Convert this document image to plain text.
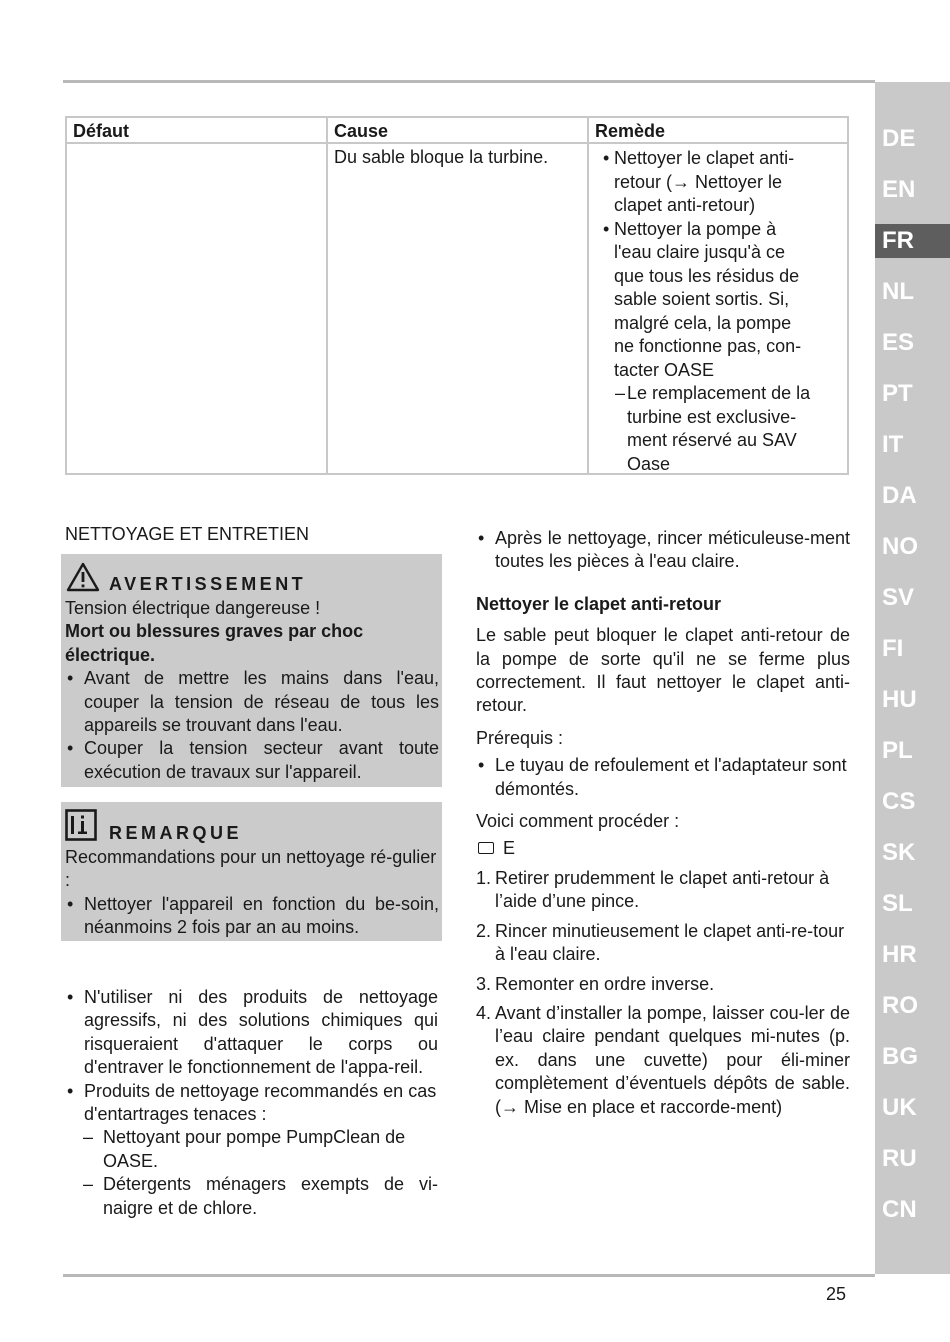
DE
EN
FR
NL
ES
PT
IT
DA
NO
SV
FI
HU
PL
CS
SK
SL
HR
RO
BG
UK
RU
CN
Défaut	Cause	Remède
Du sable bloque la turbine.
•	Nettoyer le clapet anti-
retour (→ Nettoyer le
clapet anti-retour)
• Nettoyer la pompe à
l'eau claire jusqu'à ce
que tous les résidus de
sable soient sortis. Si,
malgré cela, la pompe
ne fonctionne pas, con-
tacter OASE
– Le remplacement de la
turbine est exclusive-
ment réservé au SAV
Oase
NETTOYAGE ET ENTRETIEN
AVERTISSEMENT
Tension électrique dangereuse !
Mort ou blessures graves par choc électrique.
• Avant de mettre les mains dans l'eau, couper la tension de réseau de tous les appareils se trouvant dans l'eau.
• Couper la tension secteur avant toute exécution de travaux sur l'appareil.
REMARQUE
Recommandations pour un nettoyage ré-gulier :
• Nettoyer l'appareil en fonction du be-soin, néanmoins 2 fois par an au moins.
• N'utiliser ni des produits de nettoyage agressifs, ni des solutions chimiques qui risqueraient d'attaquer le corps ou d'entraver le fonctionnement de l'appa-reil.
• Produits de nettoyage recommandés en cas d'entartrages tenaces :
– Nettoyant pour pompe PumpClean de OASE.
– Détergents ménagers exempts de vi-naigre et de chlore.
• Après le nettoyage, rincer méticuleuse-ment toutes les pièces à l'eau claire.
Nettoyer le clapet anti-retour
Le sable peut bloquer le clapet anti-retour de la pompe de sorte qu'il ne se ferme plus correctement. Il faut nettoyer le clapet anti-retour.
Prérequis :
• Le tuyau de refoulement et l'adaptateur sont démontés.
Voici comment procéder :
E
1. Retirer prudemment le clapet anti-retour à l’aide d’une pince.
2. Rincer minutieusement le clapet anti-re-tour à l'eau claire.
3. Remonter en ordre inverse.
4. Avant d’installer la pompe, laisser cou-ler de l’eau claire pendant quelques mi-nutes (p. ex. dans une cuvette) pour éli-miner complètement d’éventuels dépôts de sable. (→ Mise en place et raccorde-ment)
25
